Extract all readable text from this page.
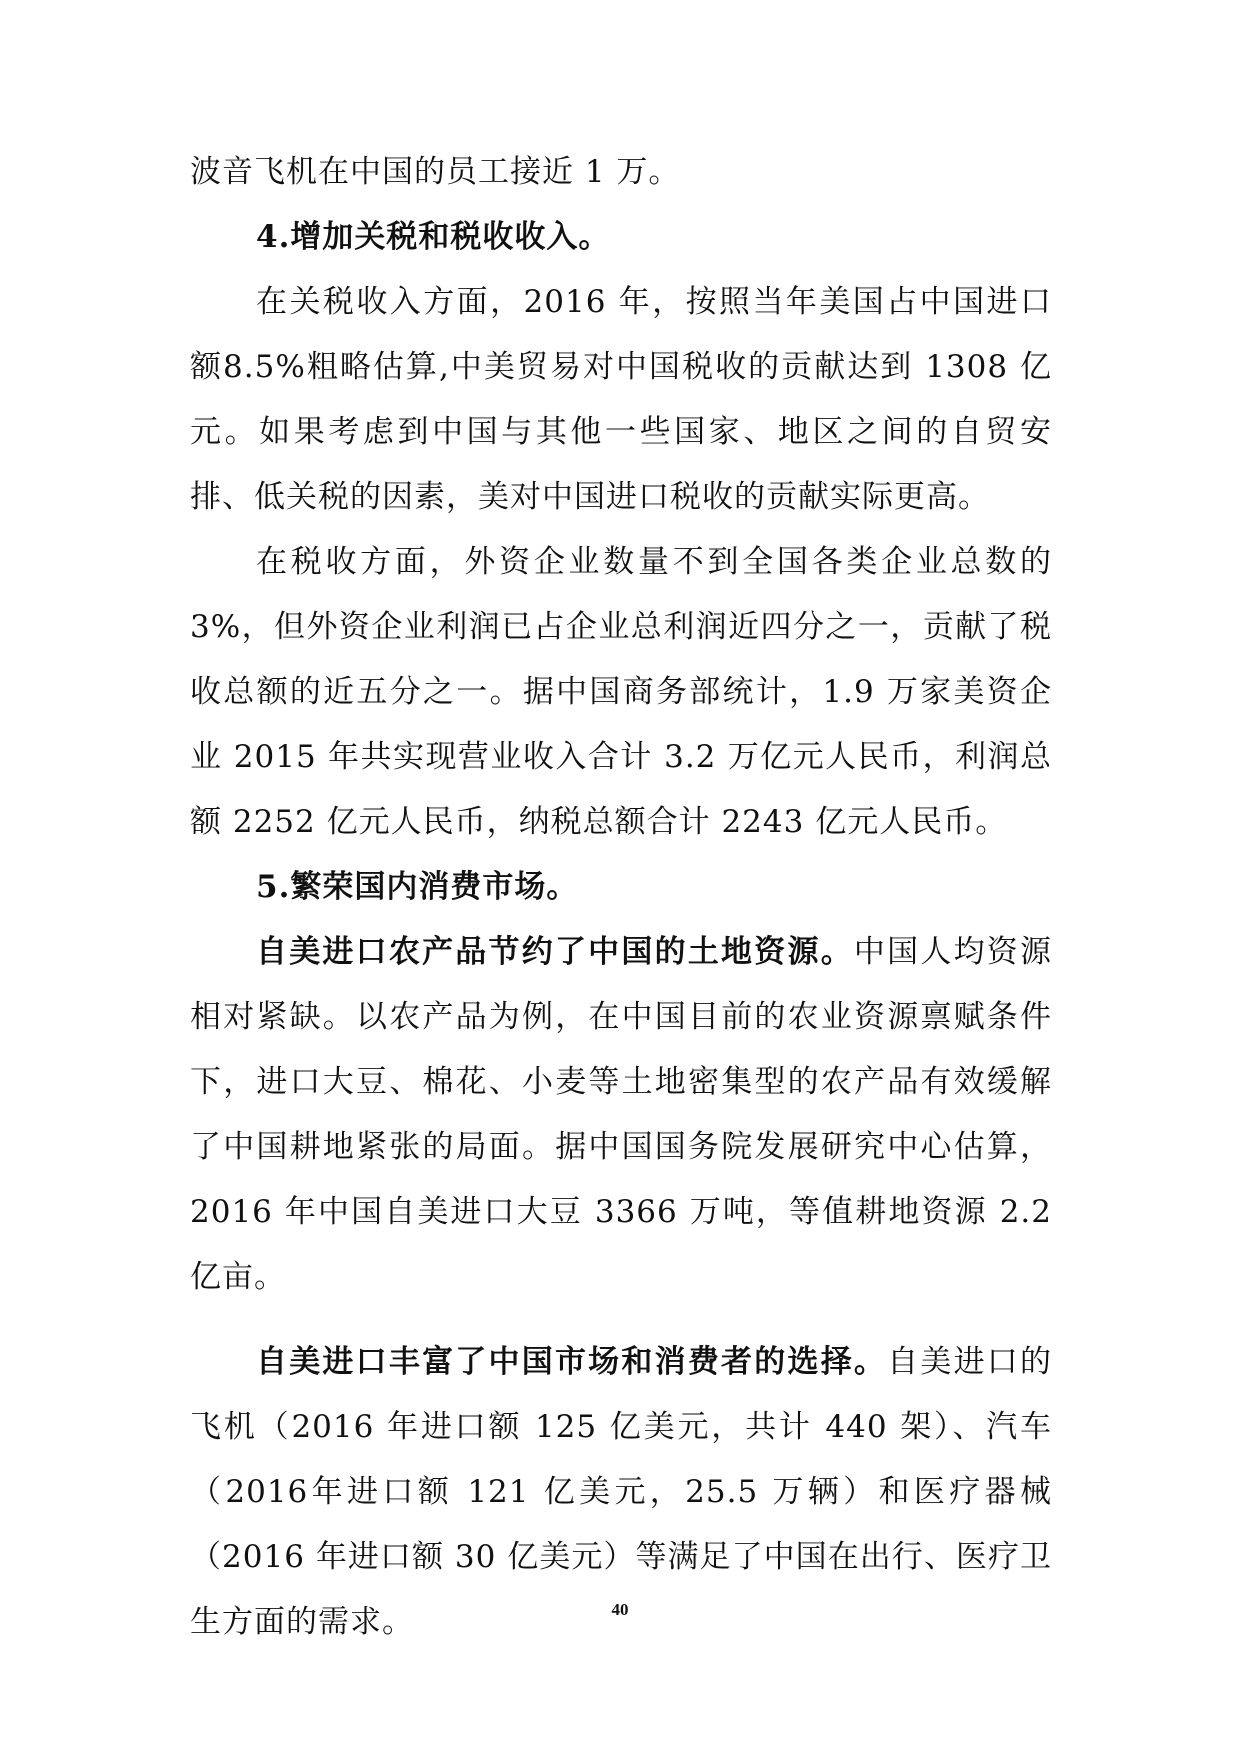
波音飞机在中国的员工接近 1 万。

4.增加关税和税收收入。

在关税收入方面，2016 年，按照当年美国占中国进口额8.5%粗略估算,中美贸易对中国税收的贡献达到 1308 亿元。如果考虑到中国与其他一些国家、地区之间的自贸安排、低关税的因素，美对中国进口税收的贡献实际更高。

在税收方面，外资企业数量不到全国各类企业总数的3%，但外资企业利润已占企业总利润近四分之一，贡献了税收总额的近五分之一。据中国商务部统计，1.9 万家美资企业 2015 年共实现营业收入合计 3.2 万亿元人民币，利润总额 2252 亿元人民币，纳税总额合计 2243 亿元人民币。

5.繁荣国内消费市场。

自美进口农产品节约了中国的土地资源。中国人均资源相对紧缺。以农产品为例，在中国目前的农业资源禀赋条件下，进口大豆、棉花、小麦等土地密集型的农产品有效缓解了中国耕地紧张的局面。据中国国务院发展研究中心估算，2016 年中国自美进口大豆 3366 万吨，等值耕地资源 2.2 亿亩。

自美进口丰富了中国市场和消费者的选择。自美进口的飞机（2016 年进口额 125 亿美元，共计 440 架）、汽车（2016年进口额 121 亿美元，25.5 万辆）和医疗器械（2016 年进口额 30 亿美元）等满足了中国在出行、医疗卫生方面的需求。	40
